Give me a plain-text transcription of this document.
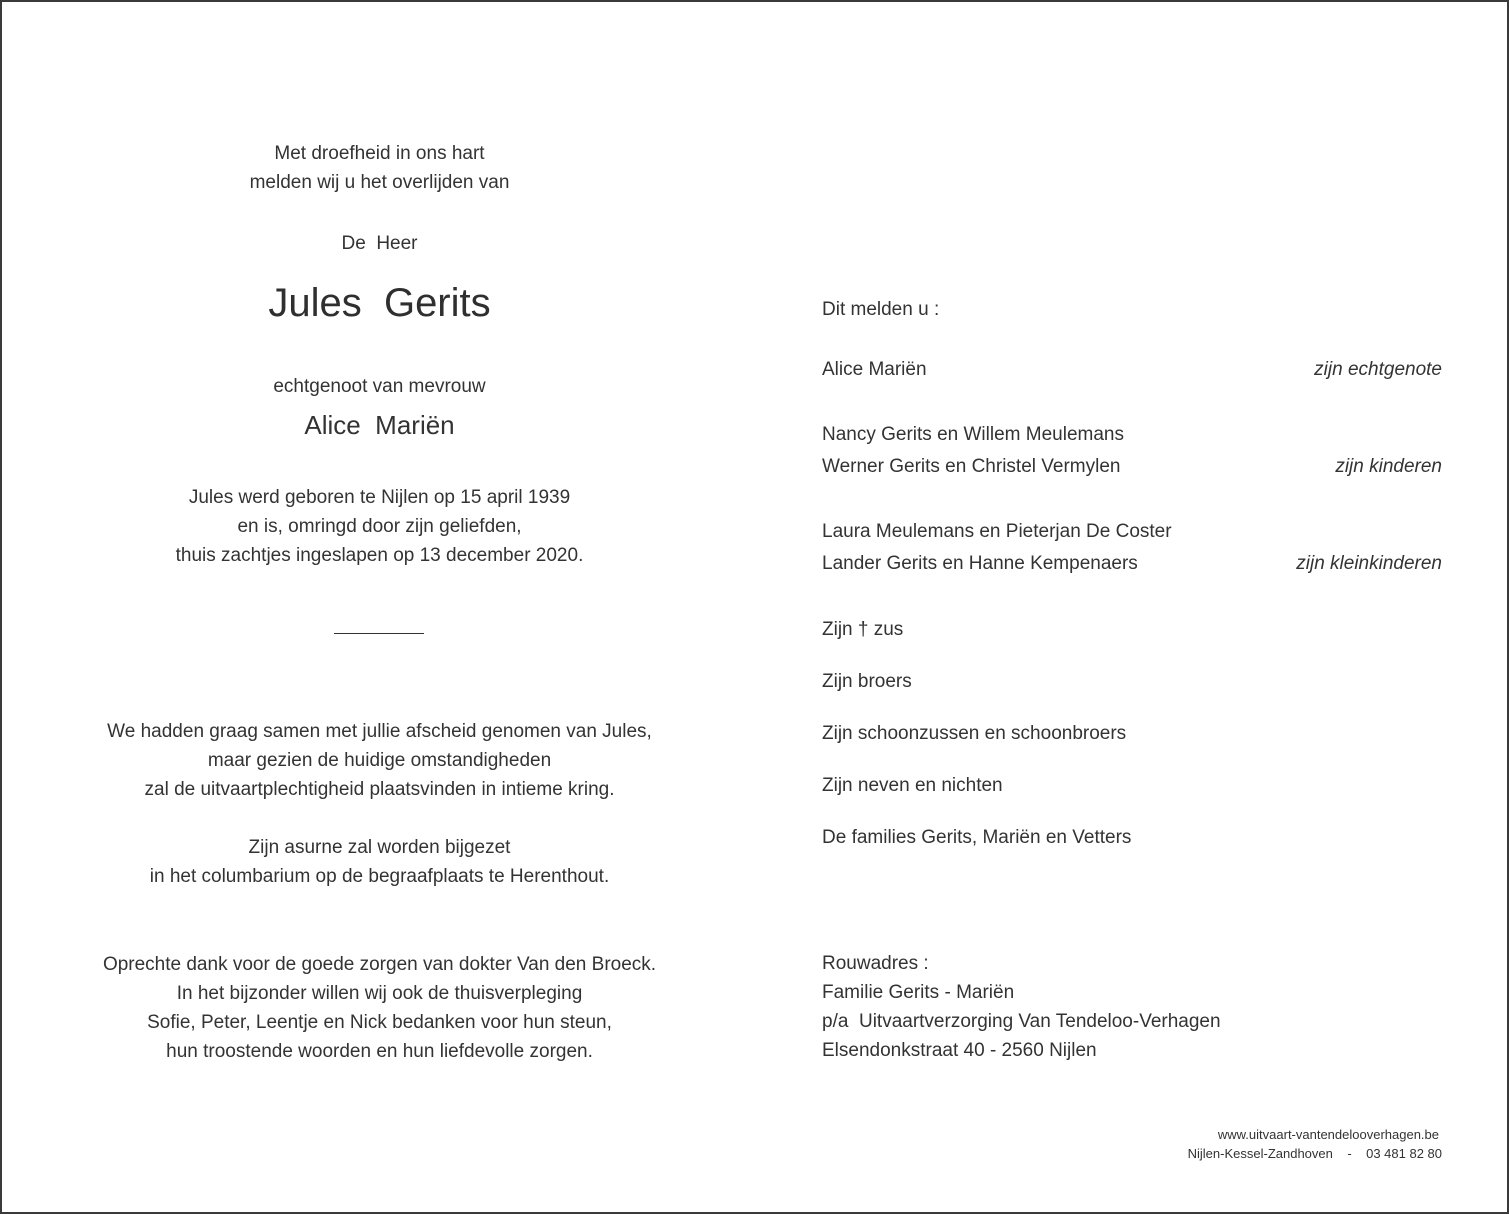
Met droefheid in ons hart
melden wij u het overlijden van
De  Heer
Jules  Gerits
echtgenoot van mevrouw
Alice  Mariën
Jules werd geboren te Nijlen op 15 april 1939
en is, omringd door zijn geliefden,
thuis zachtjes ingeslapen op 13 december 2020.
We hadden graag samen met jullie afscheid genomen van Jules,
maar gezien de huidige omstandigheden
zal de uitvaartplechtigheid plaatsvinden in intieme kring.
Zijn asurne zal worden bijgezet
in het columbarium op de begraafplaats te Herenthout.
Oprechte dank voor de goede zorgen van dokter Van den Broeck.
In het bijzonder willen wij ook de thuisverpleging
Sofie, Peter, Leentje en Nick bedanken voor hun steun,
hun troostende woorden en hun liefdevolle zorgen.
Dit melden u :
Alice Mariën	zijn echtgenote
Nancy Gerits en Willem Meulemans
Werner Gerits en Christel Vermylen	zijn kinderen
Laura Meulemans en Pieterjan De Coster
Lander Gerits en Hanne Kempenaers	zijn kleinkinderen
Zijn † zus
Zijn broers
Zijn schoonzussen en schoonbroers
Zijn neven en nichten
De families Gerits, Mariën en Vetters
Rouwadres :
Familie Gerits - Mariën
p/a  Uitvaartverzorging Van Tendeloo-Verhagen
Elsendonkstraat 40 - 2560 Nijlen
www.uitvaart-vantendelooverhagen.be
Nijlen-Kessel-Zandhoven    -    03 481 82 80
